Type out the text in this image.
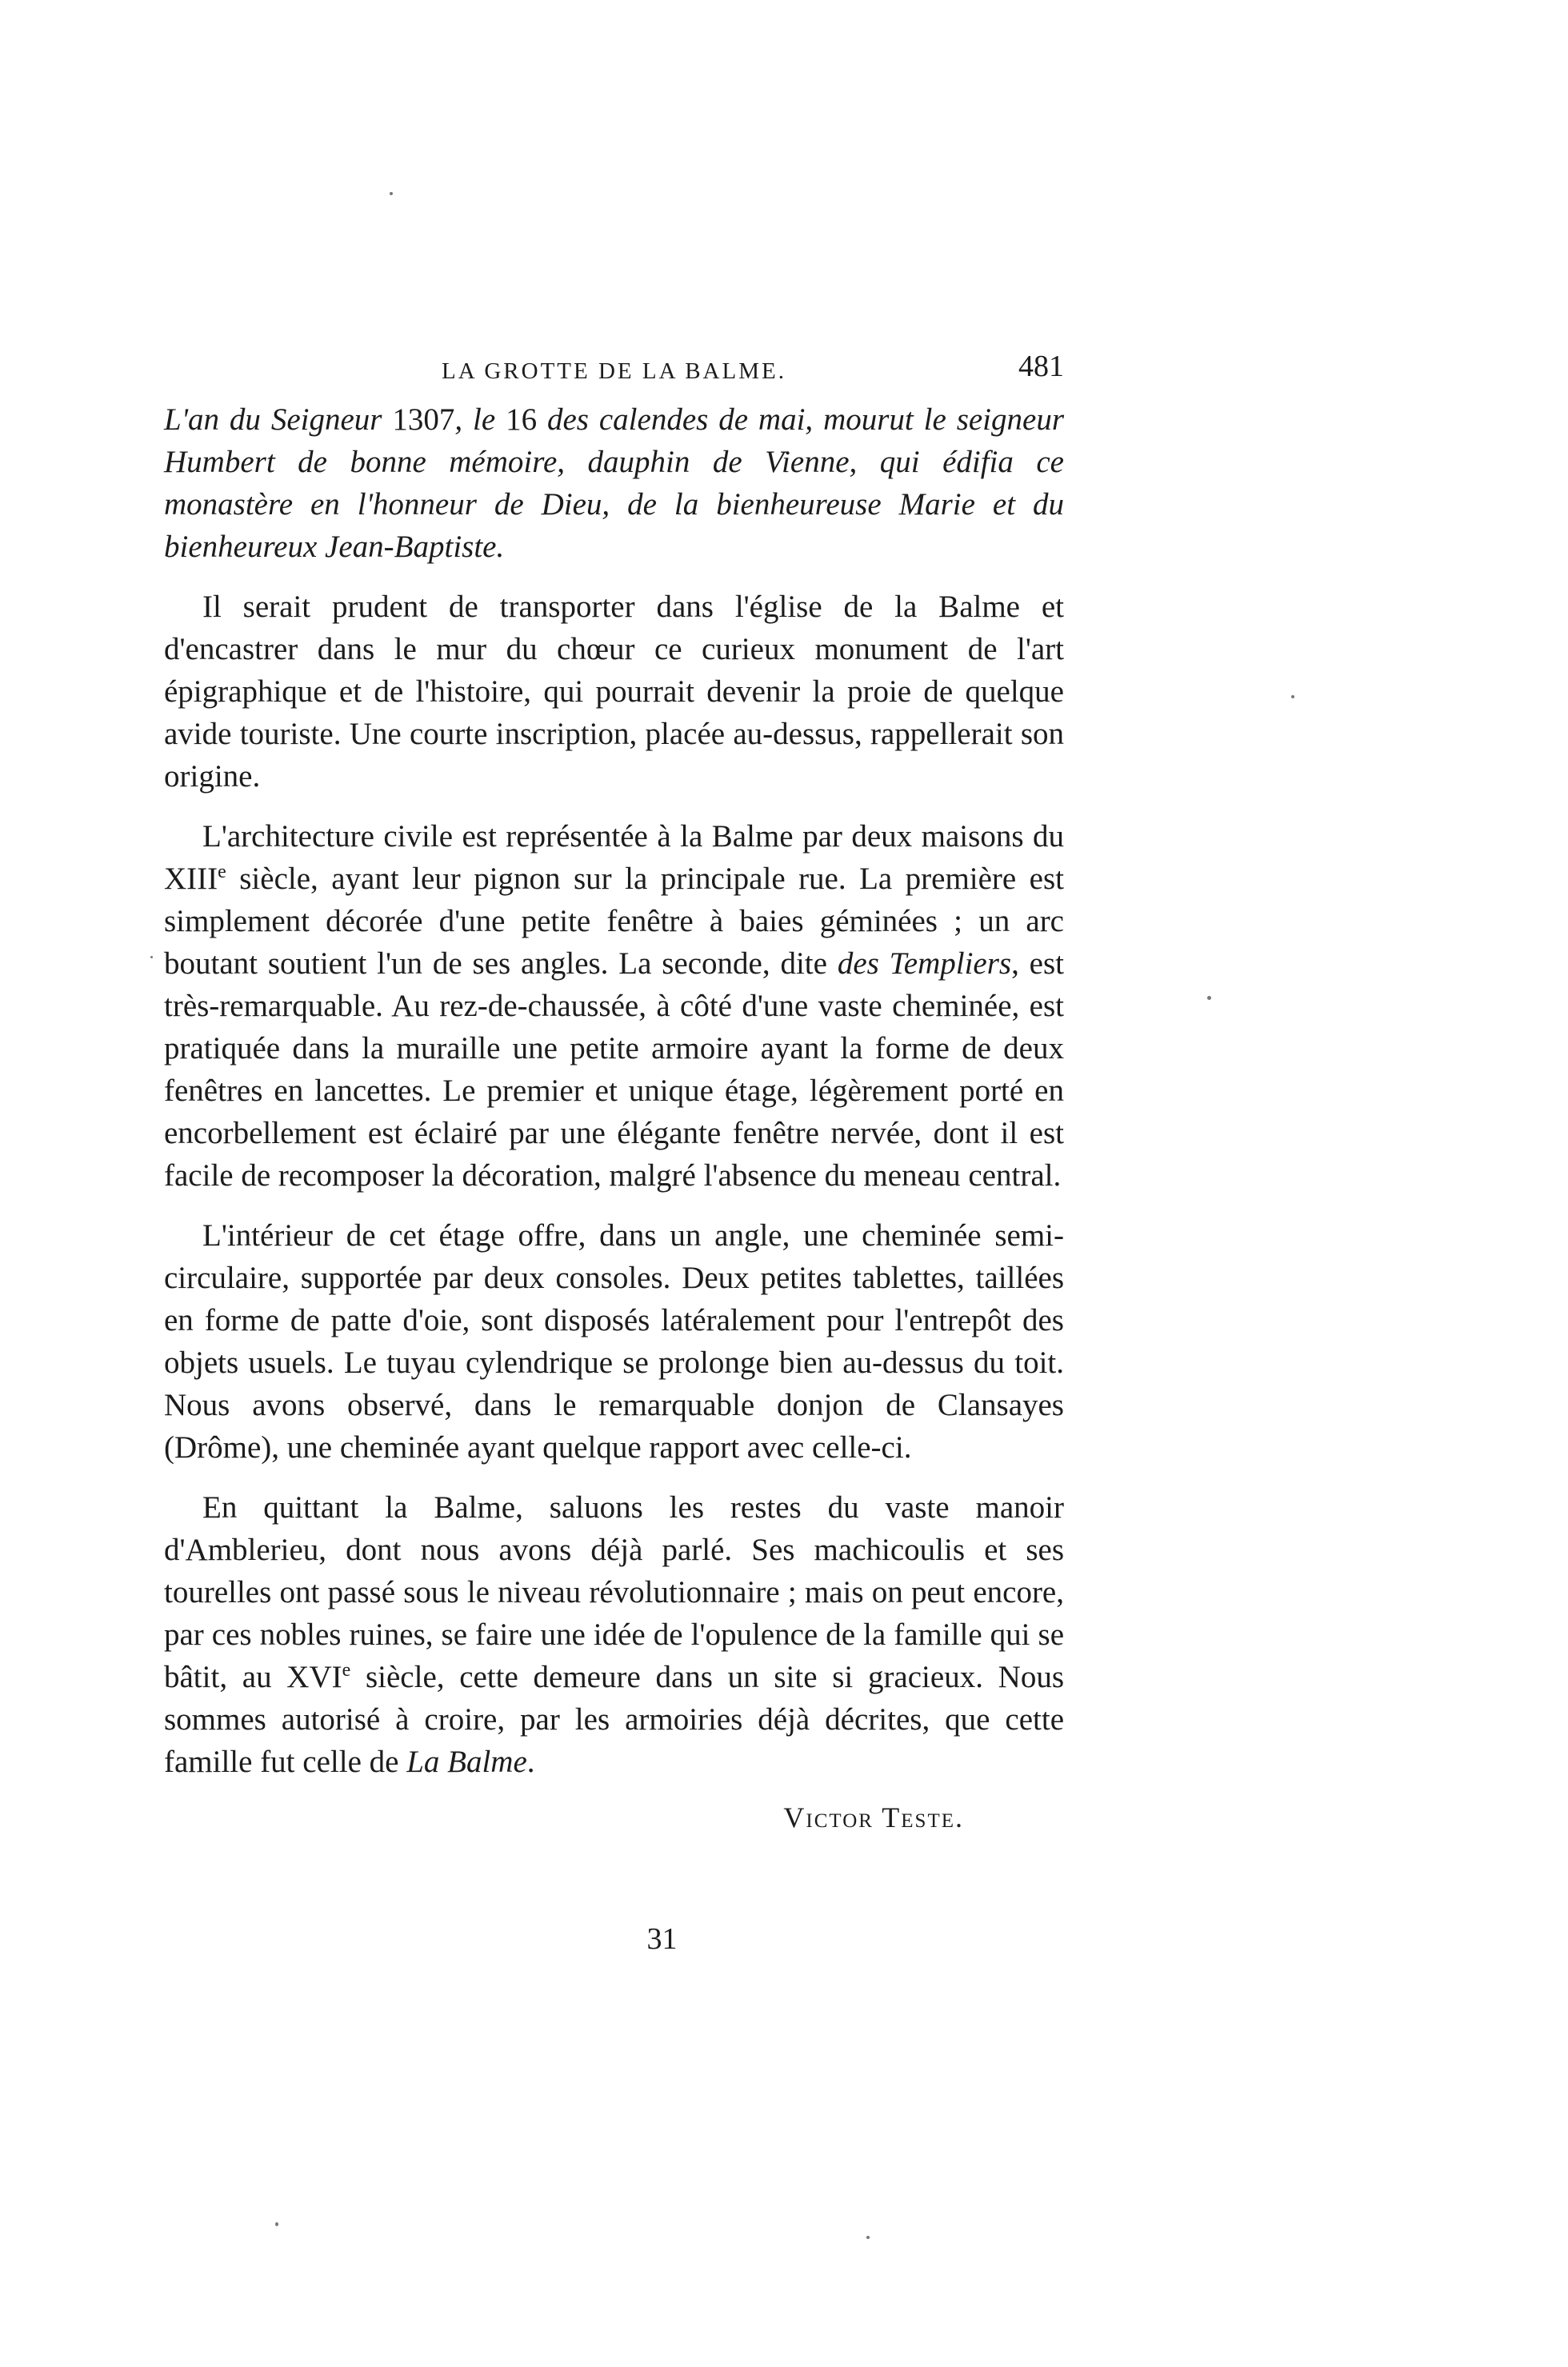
LA GROTTE DE LA BALME.	481

L'an du Seigneur 1307, le 16 des calendes de mai, mourut le seigneur Humbert de bonne mémoire, dauphin de Vienne, qui édifia ce monastère en l'honneur de Dieu, de la bienheureuse Marie et du bienheureux Jean-Baptiste.

Il serait prudent de transporter dans l'église de la Balme et d'encastrer dans le mur du chœur ce curieux monument de l'art épigraphique et de l'histoire, qui pourrait devenir la proie de quelque avide touriste. Une courte inscription, placée au-dessus, rappellerait son origine.

L'architecture civile est représentée à la Balme par deux maisons du XIIIe siècle, ayant leur pignon sur la principale rue. La première est simplement décorée d'une petite fenêtre à baies géminées ; un arc boutant soutient l'un de ses angles. La seconde, dite des Templiers, est très-remarquable. Au rez-de-chaussée, à côté d'une vaste cheminée, est pratiquée dans la muraille une petite armoire ayant la forme de deux fenêtres en lancettes. Le premier et unique étage, légèrement porté en encorbellement est éclairé par une élégante fenêtre nervée, dont il est facile de recomposer la décoration, malgré l'absence du meneau central.

L'intérieur de cet étage offre, dans un angle, une cheminée semi-circulaire, supportée par deux consoles. Deux petites tablettes, taillées en forme de patte d'oie, sont disposés latéralement pour l'entrepôt des objets usuels. Le tuyau cylendrique se prolonge bien au-dessus du toit. Nous avons observé, dans le remarquable donjon de Clansayes (Drôme), une cheminée ayant quelque rapport avec celle-ci.

En quittant la Balme, saluons les restes du vaste manoir d'Amblerieu, dont nous avons déjà parlé. Ses machicoulis et ses tourelles ont passé sous le niveau révolutionnaire ; mais on peut encore, par ces nobles ruines, se faire une idée de l'opulence de la famille qui se bâtit, au XVIe siècle, cette demeure dans un site si gracieux. Nous sommes autorisé à croire, par les armoiries déjà décrites, que cette famille fut celle de La Balme.

Victor Teste.

31
